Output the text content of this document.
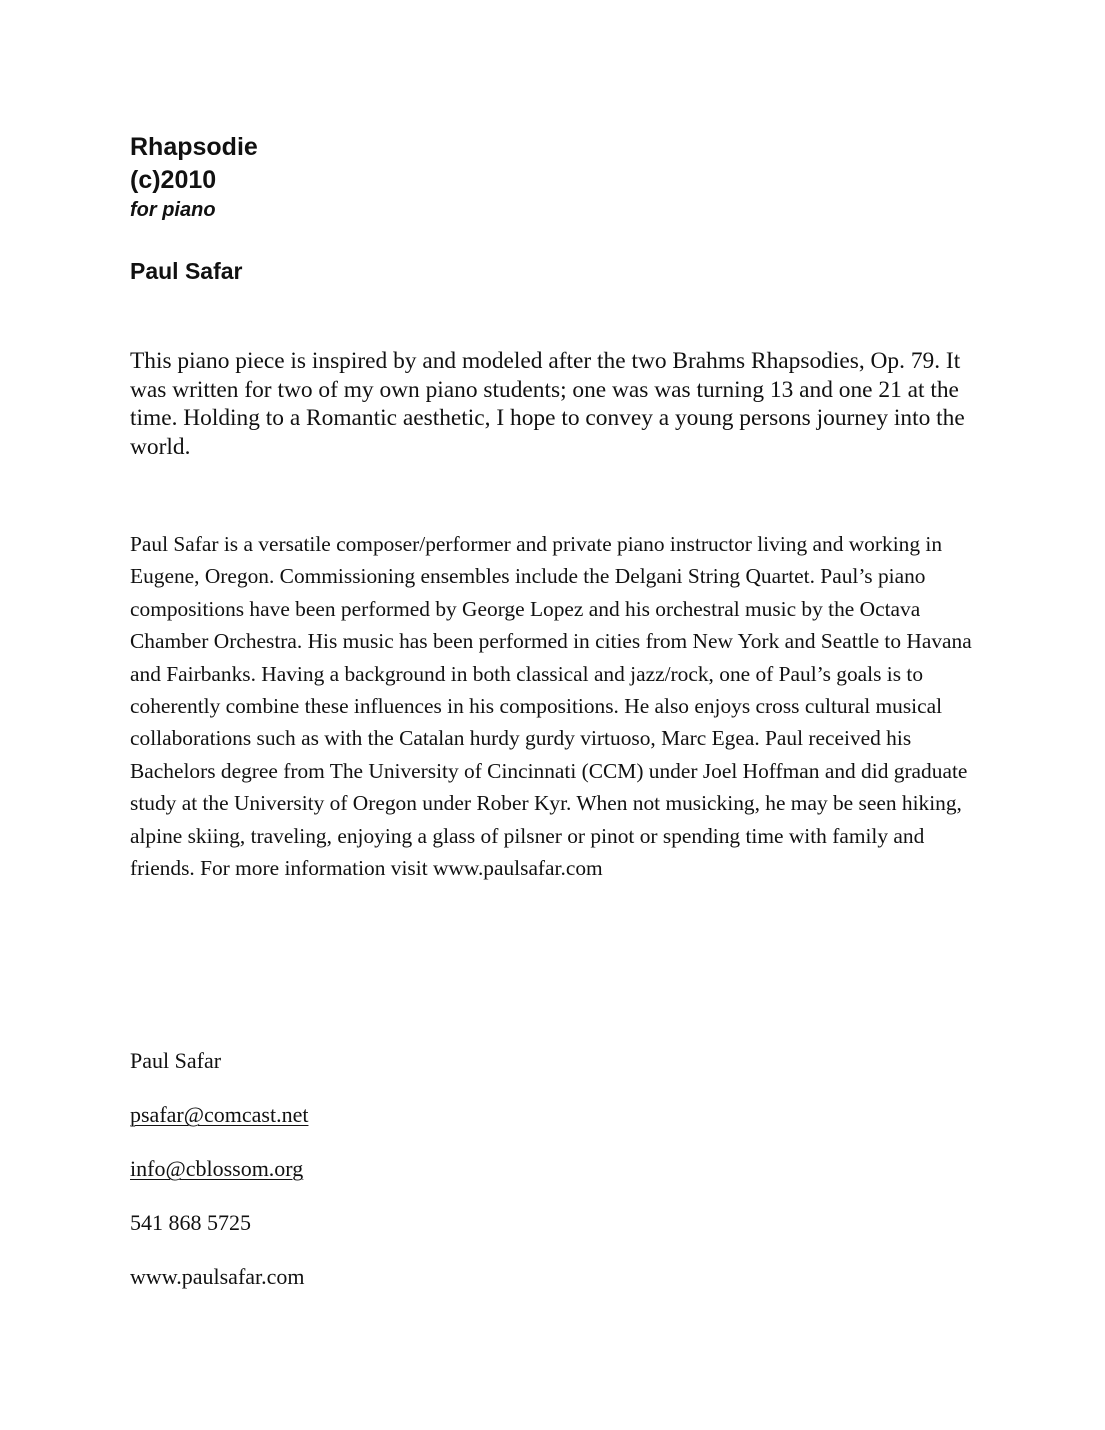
Rhapsodie
(c)2010
for piano
Paul Safar

This piano piece is inspired by and modeled after the two Brahms Rhapsodies, Op. 79. It was written for two of my own piano students; one was was turning 13 and one 21 at the time. Holding to a Romantic aesthetic, I hope to convey a young persons journey into the world.

Paul Safar is a versatile composer/performer and private piano instructor living and working in Eugene, Oregon. Commissioning ensembles include the Delgani String Quartet. Paul’s piano compositions have been performed by George Lopez and his orchestral music by the Octava Chamber Orchestra. His music has been performed in cities from New York and Seattle to Havana and Fairbanks. Having a background in both classical and jazz/rock, one of Paul’s goals is to coherently combine these influences in his compositions. He also enjoys cross cultural musical collaborations such as with the Catalan hurdy gurdy virtuoso, Marc Egea. Paul received his Bachelors degree from The University of Cincinnati (CCM) under Joel Hoffman and did graduate study at the University of Oregon under Rober Kyr. When not musicking, he may be seen hiking, alpine skiing, traveling, enjoying a glass of pilsner or pinot or spending time with family and friends. For more information visit www.paulsafar.com

Paul Safar
psafar@comcast.net
info@cblossom.org
541 868 5725
www.paulsafar.com
